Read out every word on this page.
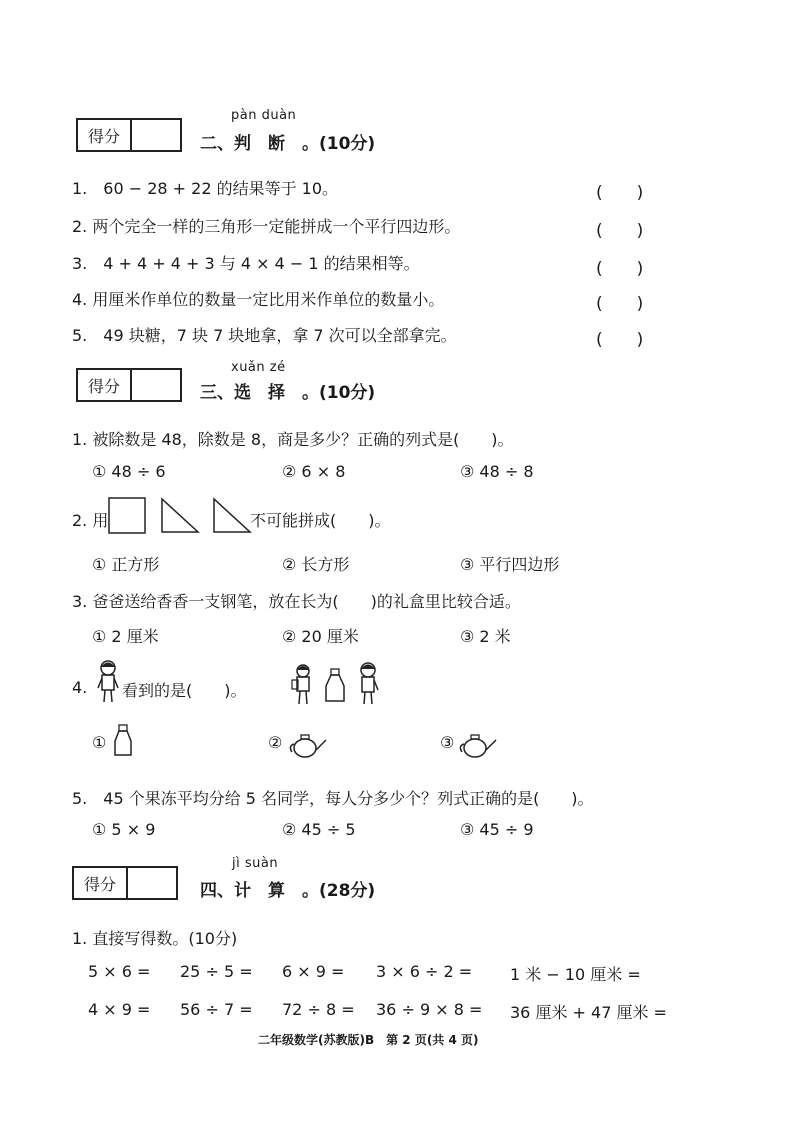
得分
pàn duàn
二、判　断　。(10分)
1.　60 − 28 + 22 的结果等于 10。	(　　)
2. 两个完全一样的三角形一定能拼成一个平行四边形。	(　　)
3.　4 + 4 + 4 + 3 与 4 × 4 − 1 的结果相等。	(　　)
4. 用厘米作单位的数量一定比用米作单位的数量小。	(　　)
5.　49 块糖，7 块 7 块地拿，拿 7 次可以全部拿完。	(　　)
得分
xuǎn zé
三、选　择　。(10分)
1. 被除数是 48，除数是 8，商是多少？正确的列式是(　　)。
① 48 ÷ 6	② 6 × 8	③ 48 ÷ 8
2. 用	不可能拼成(　　)。
① 正方形	② 长方形	③ 平行四边形
3. 爸爸送给香香一支钢笔，放在长为(　　)的礼盒里比较合适。
① 2 厘米	② 20 厘米	③ 2 米
4. 看到的是(　　)。
①	②	③
5.　45 个果冻平均分给 5 名同学，每人分多少个？列式正确的是(　　)。
① 5 × 9	② 45 ÷ 5	③ 45 ÷ 9
得分
jì suàn
四、计　算　。(28分)
1. 直接写得数。(10分)
5 × 6 = 25 ÷ 5 = 6 × 9 = 3 × 6 ÷ 2 = 1 米 − 10 厘米 =
4 × 9 = 56 ÷ 7 = 72 ÷ 8 = 36 ÷ 9 × 8 = 36 厘米 + 47 厘米 =
二年级数学(苏教版)B　第 2 页(共 4 页)
